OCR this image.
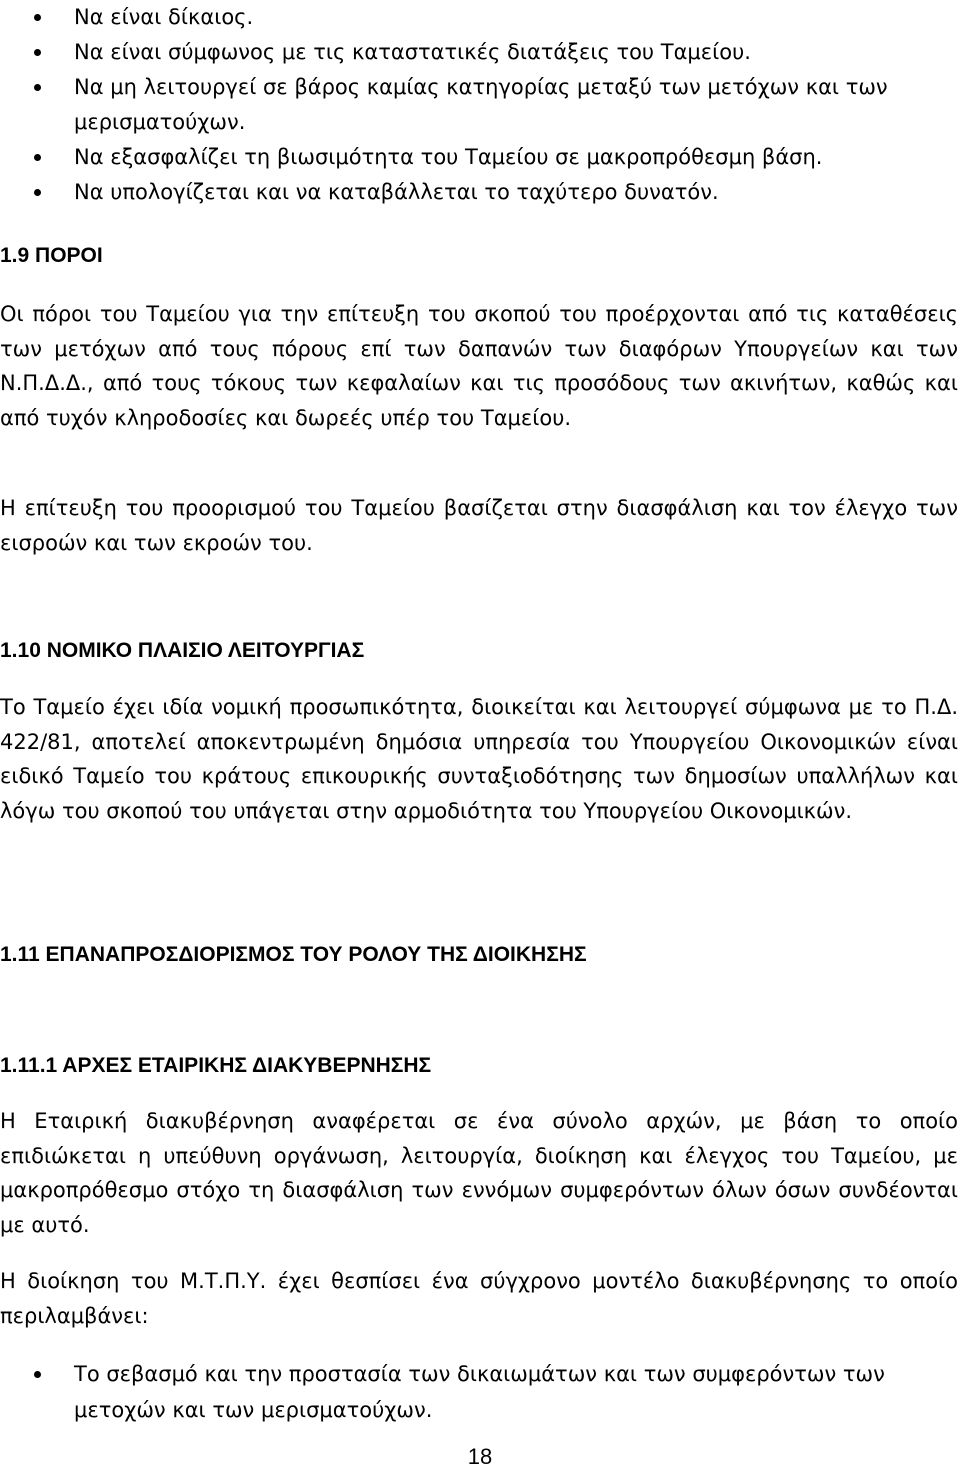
Να είναι δίκαιος.
Να είναι σύμφωνος με τις καταστατικές διατάξεις του Ταμείου.
Να μη λειτουργεί σε βάρος καμίας κατηγορίας μεταξύ των μετόχων και των μερισματούχων.
Να εξασφαλίζει τη βιωσιμότητα του Ταμείου σε μακροπρόθεσμη βάση.
Να υπολογίζεται και να καταβάλλεται το ταχύτερο δυνατόν.
1.9 ΠΟΡΟΙ

Οι πόροι του Ταμείου για την επίτευξη του σκοπού του προέρχονται από τις καταθέσεις των μετόχων από τους πόρους επί των δαπανών των διαφόρων Υπουργείων και των Ν.Π.Δ.Δ., από τους τόκους των κεφαλαίων και τις προσόδους των ακινήτων, καθώς και από τυχόν κληροδοσίες και δωρεές υπέρ του Ταμείου.

Η επίτευξη του προορισμού του Ταμείου βασίζεται στην διασφάλιση και τον έλεγχο των εισροών και των εκροών του.

1.10 ΝΟΜΙΚΟ ΠΛΑΙΣΙΟ ΛΕΙΤΟΥΡΓΙΑΣ

Το Ταμείο έχει ιδία νομική προσωπικότητα, διοικείται και λειτουργεί σύμφωνα με το Π.Δ. 422/81, αποτελεί αποκεντρωμένη δημόσια υπηρεσία του Υπουργείου Οικονομικών είναι ειδικό Ταμείο του κράτους επικουρικής συνταξιοδότησης των δημοσίων υπαλλήλων και λόγω του σκοπού του υπάγεται στην αρμοδιότητα του Υπουργείου Οικονομικών.

1.11 ΕΠΑΝΑΠΡΟΣΔΙΟΡΙΣΜΟΣ ΤΟΥ ΡΟΛΟΥ ΤΗΣ ΔΙΟΙΚΗΣΗΣ
1.11.1 ΑΡΧΕΣ ΕΤΑΙΡΙΚΗΣ ΔΙΑΚΥΒΕΡΝΗΣΗΣ

Η Εταιρική διακυβέρνηση αναφέρεται σε ένα σύνολο αρχών, με βάση το οποίο επιδιώκεται η υπεύθυνη οργάνωση, λειτουργία, διοίκηση και έλεγχος του Ταμείου, με μακροπρόθεσμο στόχο τη διασφάλιση των εννόμων συμφερόντων όλων όσων συνδέονται με αυτό.

Η διοίκηση του Μ.Τ.Π.Υ. έχει θεσπίσει ένα σύγχρονο μοντέλο διακυβέρνησης το οποίο περιλαμβάνει:

Το σεβασμό και την προστασία των δικαιωμάτων και των συμφερόντων των μετοχών και των μερισματούχων.
18
